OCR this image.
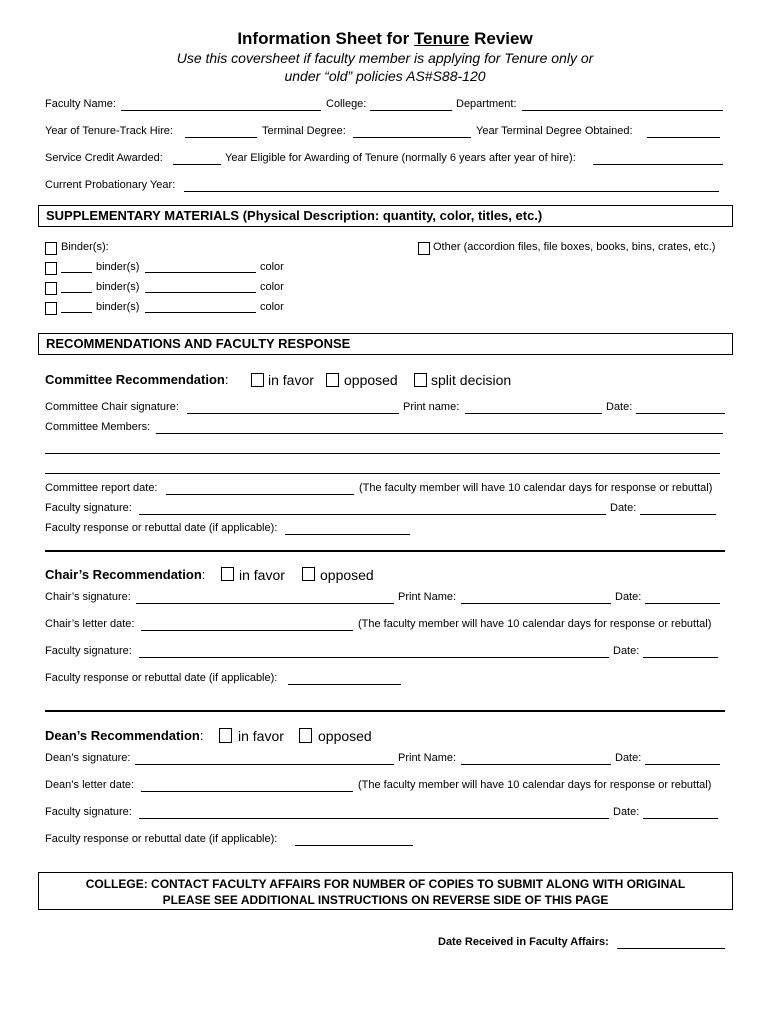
Information Sheet for Tenure Review
Use this coversheet if faculty member is applying for Tenure only or
under “old” policies AS#S88-120
Faculty Name:	College:	Department:
Year of Tenure-Track Hire:	Terminal Degree:	Year Terminal Degree Obtained:
Service Credit Awarded:	Year Eligible for Awarding of Tenure (normally 6 years after year of hire):
Current Probationary Year:
SUPPLEMENTARY MATERIALS (Physical Description: quantity, color, titles, etc.)
Binder(s):	Other (accordion files, file boxes, books, bins, crates, etc.)
binder(s)	color
binder(s)	color
binder(s)	color
RECOMMENDATIONS AND FACULTY RESPONSE
Committee Recommendation:	in favor opposed split decision
Committee Chair signature:	Print name:	Date:
Committee Members:
Committee report date:	(The faculty member will have 10 calendar days for response or rebuttal)
Faculty signature:	Date:
Faculty response or rebuttal date (if applicable):
Chair’s Recommendation: in favor	opposed
Chair’s signature:	Print Name:	Date:
Chair’s letter date:	(The faculty member will have 10 calendar days for response or rebuttal)
Faculty signature:	Date:
Faculty response or rebuttal date (if applicable):
Dean’s Recommendation: in favor opposed
Dean’s signature:	Print Name:	Date:
Dean’s letter date:	(The faculty member will have 10 calendar days for response or rebuttal)
Faculty signature:	Date:
Faculty response or rebuttal date (if applicable):
COLLEGE: CONTACT FACULTY AFFAIRS FOR NUMBER OF COPIES TO SUBMIT ALONG WITH ORIGINAL
PLEASE SEE ADDITIONAL INSTRUCTIONS ON REVERSE SIDE OF THIS PAGE
Date Received in Faculty Affairs:
